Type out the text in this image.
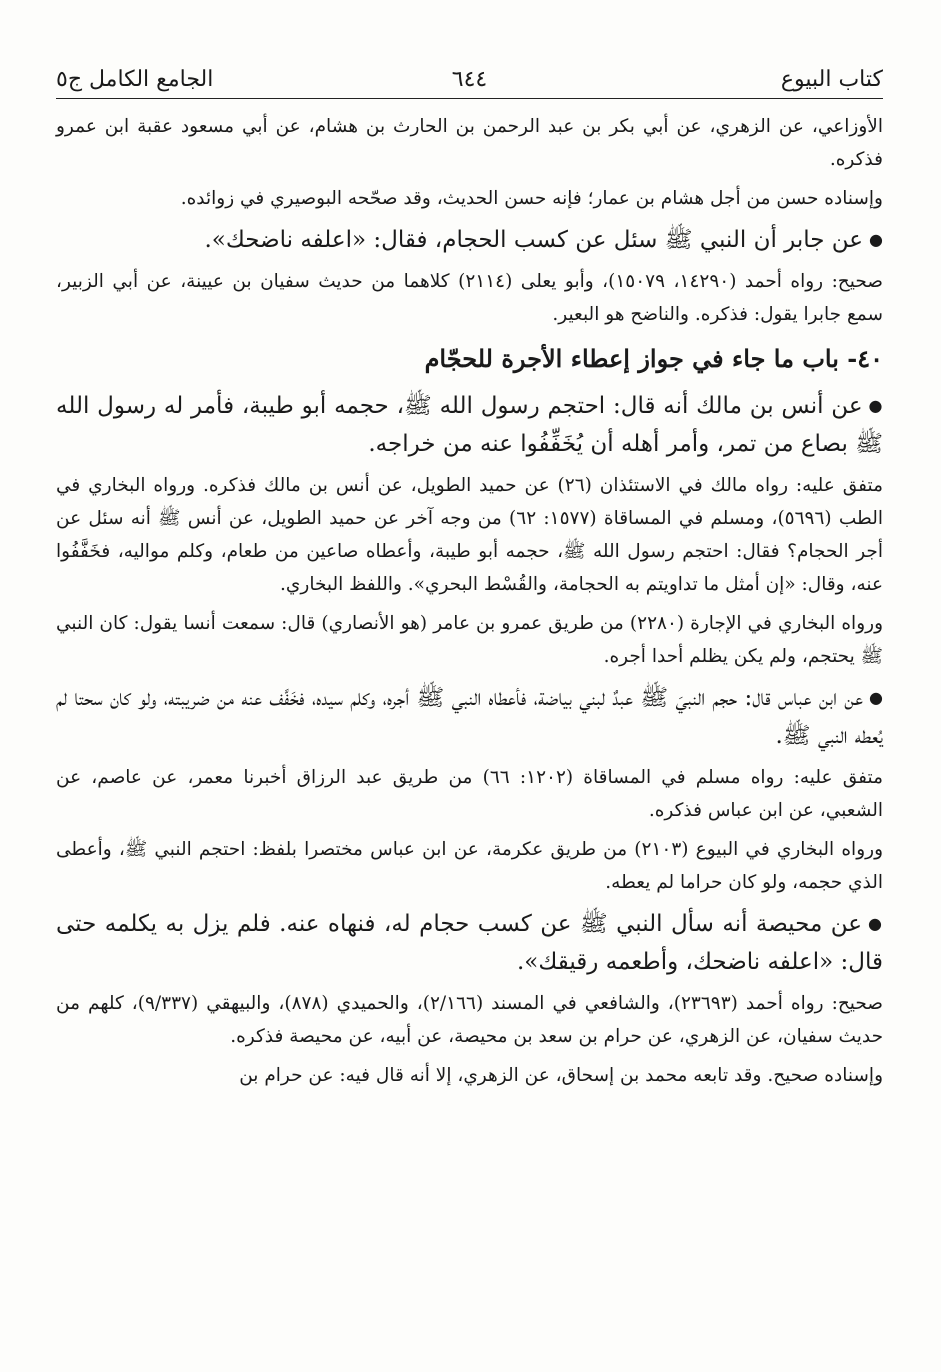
كتاب البيوع
٦٤٤
الجامع الكامل ج٥

الأوزاعي، عن الزهري، عن أبي بكر بن عبد الرحمن بن الحارث بن هشام، عن أبي مسعود عقبة ابن عمرو فذكره.

وإسناده حسن من أجل هشام بن عمار؛ فإنه حسن الحديث، وقد صحّحه البوصيري في زوائده.

●عن جابر أن النبي ﷺ سئل عن كسب الحجام، فقال: «اعلفه ناضحك».

صحيح: رواه أحمد (١٤٢٩٠، ١٥٠٧٩)، وأبو يعلى (٢١١٤) كلاهما من حديث سفيان بن عيينة، عن أبي الزبير، سمع جابرا يقول: فذكره. والناضح هو البعير.

٤٠- باب ما جاء في جواز إعطاء الأجرة للحجّام

●عن أنس بن مالك أنه قال: احتجم رسول الله ﷺ، حجمه أبو طيبة، فأمر له رسول الله ﷺ بصاع من تمر، وأمر أهله أن يُخَفِّفُوا عنه من خراجه.

متفق عليه: رواه مالك في الاستئذان (٢٦) عن حميد الطويل، عن أنس بن مالك فذكره. ورواه البخاري في الطب (٥٦٩٦)، ومسلم في المساقاة (١٥٧٧: ٦٢) من وجه آخر عن حميد الطويل، عن أنس ﷺ أنه سئل عن أجر الحجام؟ فقال: احتجم رسول الله ﷺ، حجمه أبو طيبة، وأعطاه صاعين من طعام، وكلم مواليه، فخَفَّفُوا عنه، وقال: «إن أمثل ما تداويتم به الحجامة، والقُسْط البحري». واللفظ البخاري.

ورواه البخاري في الإجارة (٢٢٨٠) من طريق عمرو بن عامر (هو الأنصاري) قال: سمعت أنسا يقول: كان النبي ﷺ يحتجم، ولم يكن يظلم أحدا أجره.

●عن ابن عباس قال: حجم النبيَ ﷺ عبدٌ لبني بياضة، فأعطاه النبي ﷺ أجره، وكلم سيده، فخَفَّف عنه من ضريبته، ولو كان سحتا لم يُعطه النبي ﷺ.

متفق عليه: رواه مسلم في المساقاة (١٢٠٢: ٦٦) من طريق عبد الرزاق أخبرنا معمر، عن عاصم، عن الشعبي، عن ابن عباس فذكره.

ورواه البخاري في البيوع (٢١٠٣) من طريق عكرمة، عن ابن عباس مختصرا بلفظ: احتجم النبي ﷺ، وأعطى الذي حجمه، ولو كان حراما لم يعطه.

●عن محيصة أنه سأل النبي ﷺ عن كسب حجام له، فنهاه عنه. فلم يزل به يكلمه حتى قال: «اعلفه ناضحك، وأطعمه رقيقك».

صحيح: رواه أحمد (٢٣٦٩٣)، والشافعي في المسند (٢/١٦٦)، والحميدي (٨٧٨)، والبيهقي (٩/٣٣٧)، كلهم من حديث سفيان، عن الزهري، عن حرام بن سعد بن محيصة، عن أبيه، عن محيصة فذكره.

وإسناده صحيح. وقد تابعه محمد بن إسحاق، عن الزهري، إلا أنه قال فيه: عن حرام بن
